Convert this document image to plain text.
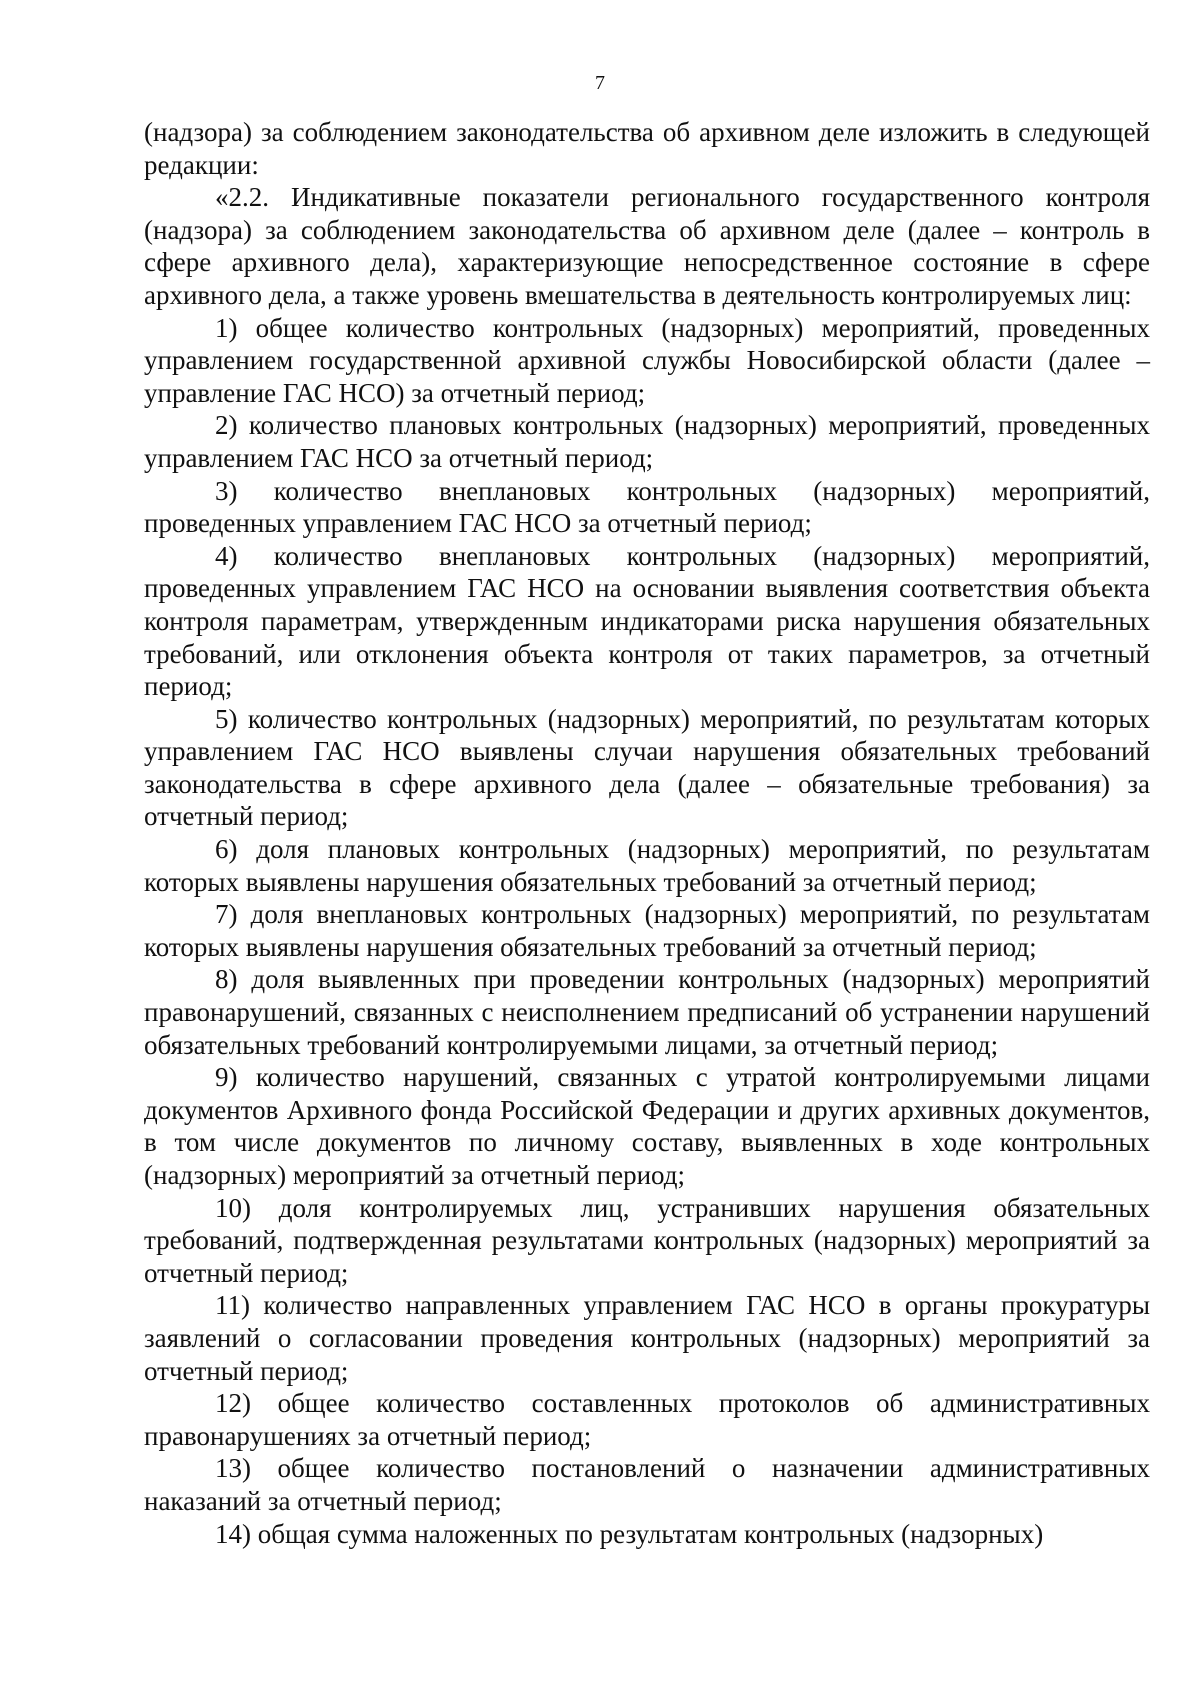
7

(надзора) за соблюдением законодательства об архивном деле изложить в следующей редакции:

«2.2. Индикативные показатели регионального государственного контроля (надзора) за соблюдением законодательства об архивном деле (далее – контроль в сфере архивного дела), характеризующие непосредственное состояние в сфере архивного дела, а также уровень вмешательства в деятельность контролируемых лиц:

1) общее количество контрольных (надзорных) мероприятий, проведенных управлением государственной архивной службы Новосибирской области (далее – управление ГАС НСО) за отчетный период;

2) количество плановых контрольных (надзорных) мероприятий, проведенных управлением ГАС НСО за отчетный период;

3) количество внеплановых контрольных (надзорных) мероприятий, проведенных управлением ГАС НСО за отчетный период;

4) количество внеплановых контрольных (надзорных) мероприятий, проведенных управлением ГАС НСО на основании выявления соответствия объекта контроля параметрам, утвержденным индикаторами риска нарушения обязательных требований, или отклонения объекта контроля от таких параметров, за отчетный период;

5) количество контрольных (надзорных) мероприятий, по результатам которых управлением ГАС НСО выявлены случаи нарушения обязательных требований законодательства в сфере архивного дела (далее – обязательные требования) за отчетный период;

6) доля плановых контрольных (надзорных) мероприятий, по результатам которых выявлены нарушения обязательных требований за отчетный период;

7) доля внеплановых контрольных (надзорных) мероприятий, по результатам которых выявлены нарушения обязательных требований за отчетный период;

8) доля выявленных при проведении контрольных (надзорных) мероприятий правонарушений, связанных с неисполнением предписаний об устранении нарушений обязательных требований контролируемыми лицами, за отчетный период;

9) количество нарушений, связанных с утратой контролируемыми лицами документов Архивного фонда Российской Федерации и других архивных документов, в том числе документов по личному составу, выявленных в ходе контрольных (надзорных) мероприятий за отчетный период;

10) доля контролируемых лиц, устранивших нарушения обязательных требований, подтвержденная результатами контрольных (надзорных) мероприятий за отчетный период;

11) количество направленных управлением ГАС НСО в органы прокуратуры заявлений о согласовании проведения контрольных (надзорных) мероприятий за отчетный период;

12) общее количество составленных протоколов об административных правонарушениях за отчетный период;

13) общее количество постановлений о назначении административных наказаний за отчетный период;

14) общая сумма наложенных по результатам контрольных (надзорных)
